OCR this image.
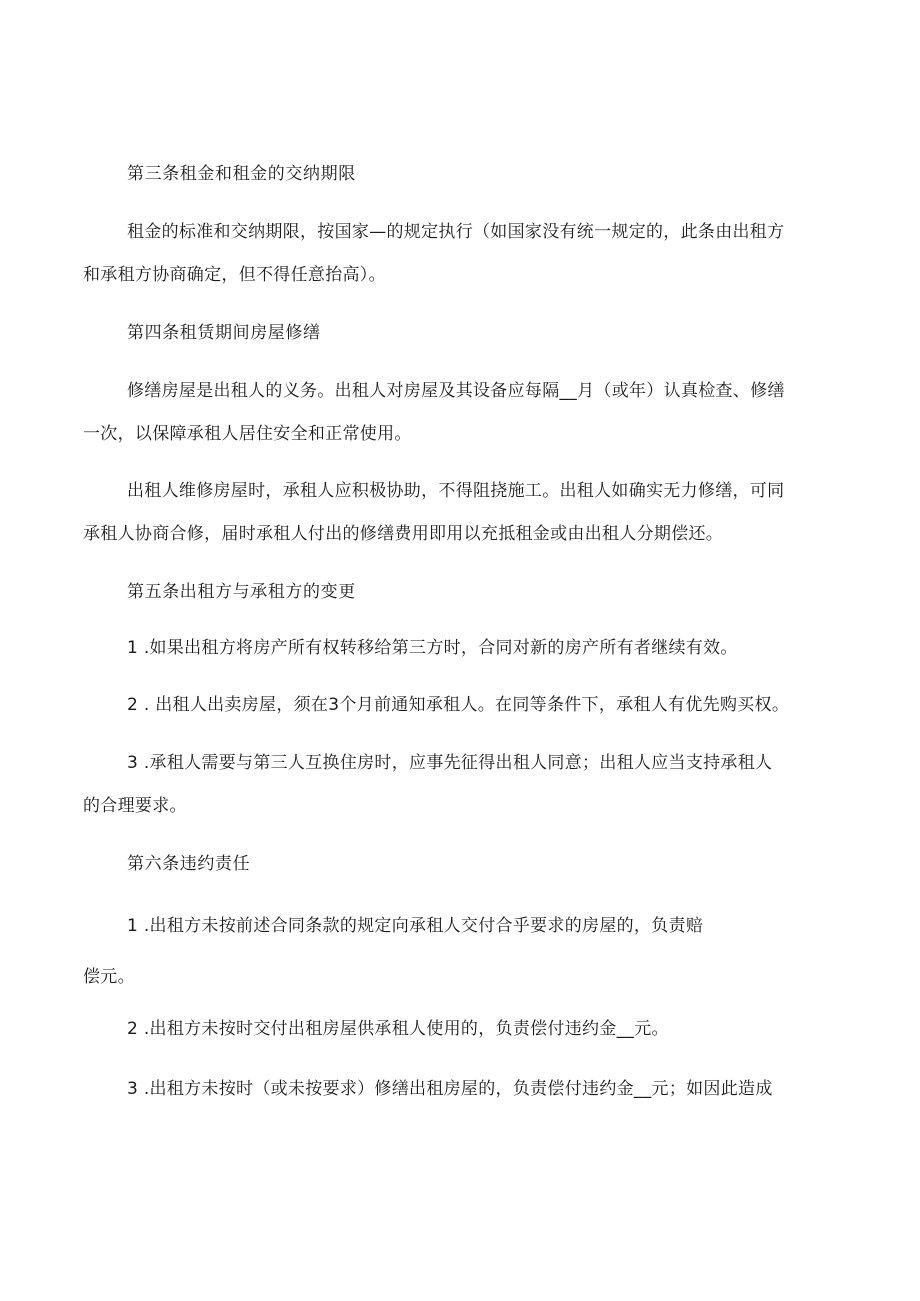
第三条租金和租金的交纳期限
租金的标准和交纳期限，按国家—的规定执行（如国家没有统一规定的，此条由出租方
和承租方协商确定，但不得任意抬高）。
第四条租赁期间房屋修缮
修缮房屋是出租人的义务。出租人对房屋及其设备应每隔__月（或年）认真检查、修缮
一次，以保障承租人居住安全和正常使用。
出租人维修房屋时，承租人应积极协助，不得阻挠施工。出租人如确实无力修缮，可同
承租人协商合修，届时承租人付出的修缮费用即用以充抵租金或由出租人分期偿还。
第五条出租方与承租方的变更
1 .如果出租方将房产所有权转移给第三方时，合同对新的房产所有者继续有效。
2 . 出租人出卖房屋，须在3个月前通知承租人。在同等条件下，承租人有优先购买权。
3 .承租人需要与第三人互换住房时，应事先征得出租人同意；出租人应当支持承租人
的合理要求。
第六条违约责任
1 .出租方未按前述合同条款的规定向承租人交付合乎要求的房屋的，负责赔
偿元。
2 .出租方未按时交付出租房屋供承租人使用的，负责偿付违约金__元。
3 .出租方未按时（或未按要求）修缮出租房屋的，负责偿付违约金__元；如因此造成
